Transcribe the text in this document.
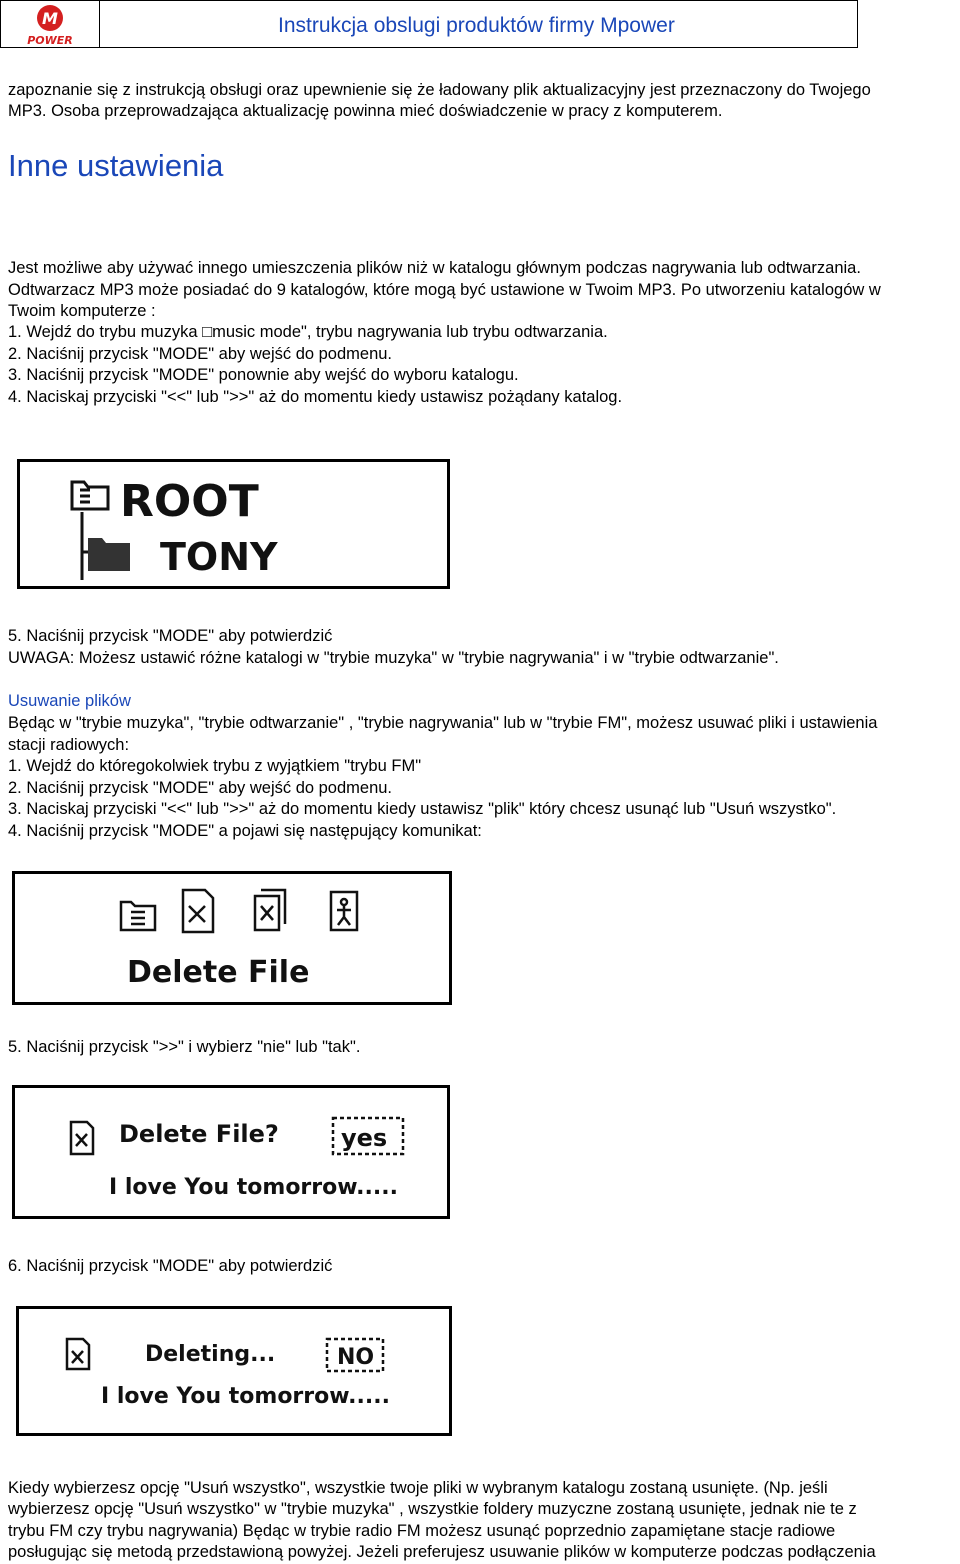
M
POWER
Instrukcja obslugi produktów firmy Mpower
zapoznanie się z instrukcją obsługi oraz upewnienie się że ładowany plik aktualizacyjny jest przeznaczony do Twojego
MP3. Osoba przeprowadzająca aktualizację powinna mieć doświadczenie w pracy z komputerem.
Inne ustawienia
Jest możliwe aby używać innego umieszczenia plików niż w katalogu głównym podczas nagrywania lub odtwarzania.
Odtwarzacz MP3 może posiadać do 9 katalogów, które mogą być ustawione w Twoim MP3. Po utworzeniu katalogów w
Twoim komputerze :
1. Wejdź do trybu muzyka □music mode", trybu nagrywania lub trybu odtwarzania.
2. Naciśnij przycisk "MODE" aby wejść do podmenu.
3. Naciśnij przycisk "MODE" ponownie aby wejść do wyboru katalogu.
4. Naciskaj przyciski "<<" lub ">>" aż do momentu kiedy ustawisz pożądany katalog.
ROOT
TONY
5. Naciśnij przycisk "MODE" aby potwierdzić
UWAGA: Możesz ustawić różne katalogi w "trybie muzyka" w "trybie nagrywania" i w "trybie odtwarzanie".
Usuwanie plików
Będąc w "trybie muzyka", "trybie odtwarzanie" , "trybie nagrywania" lub w "trybie FM", możesz usuwać pliki i ustawienia
stacji radiowych:
1. Wejdź do któregokolwiek trybu z wyjątkiem "trybu FM"
2. Naciśnij przycisk "MODE" aby wejść do podmenu.
3. Naciskaj przyciski "<<" lub ">>" aż do momentu kiedy ustawisz "plik" który chcesz usunąć lub "Usuń wszystko".
4. Naciśnij przycisk "MODE" a pojawi się następujący komunikat:
Delete File
5. Naciśnij przycisk ">>" i wybierz "nie" lub "tak".
Delete File?	yes
I love You tomorrow.....
6. Naciśnij przycisk "MODE" aby potwierdzić
Deleting...	NO
I love You tomorrow.....
Kiedy wybierzesz opcję "Usuń wszystko", wszystkie twoje pliki w wybranym katalogu zostaną usunięte. (Np. jeśli
wybierzesz opcję "Usuń wszystko" w "trybie muzyka" , wszystkie foldery muzyczne zostaną usunięte, jednak nie te z
trybu FM czy trybu nagrywania) Będąc w trybie radio FM możesz usunąć poprzednio zapamiętane stacje radiowe
posługując się metodą przedstawioną powyżej. Jeżeli preferujesz usuwanie plików w komputerze podczas podłączenia
